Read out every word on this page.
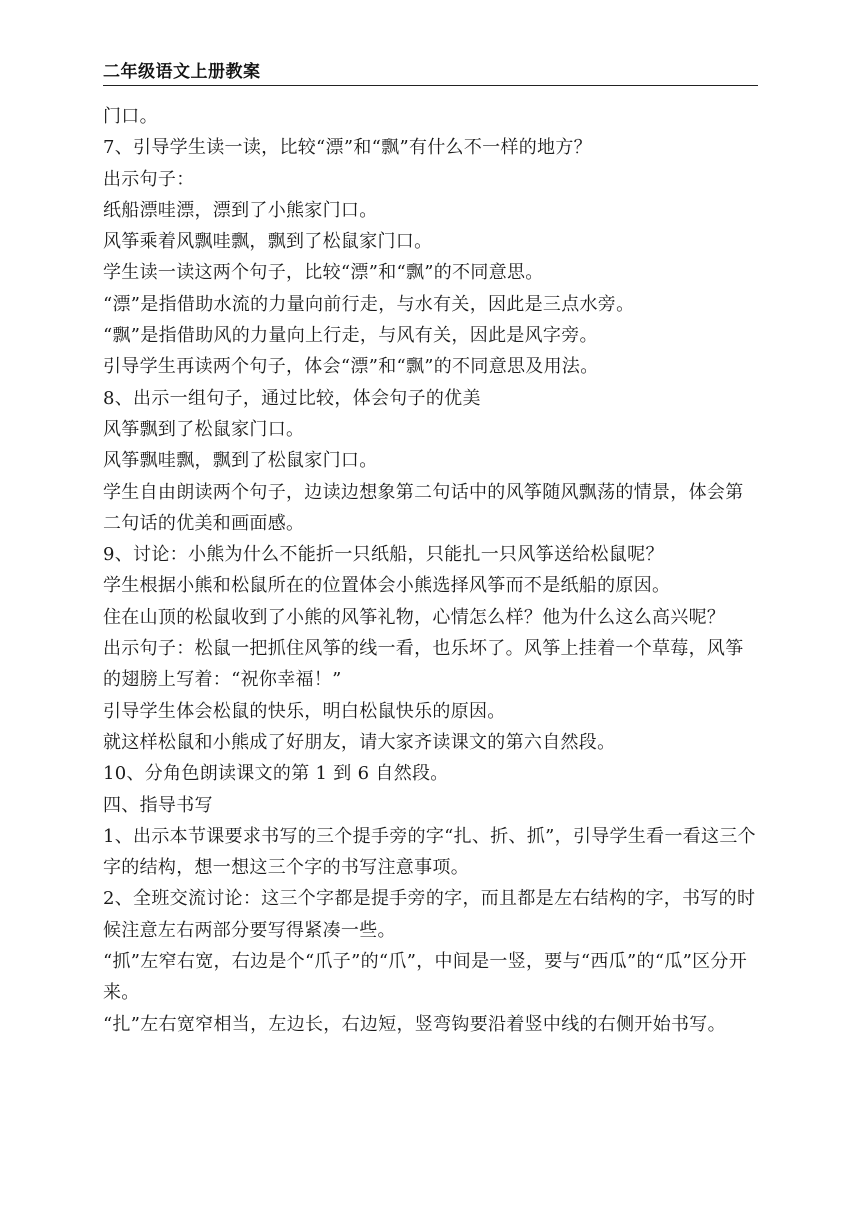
二年级语文上册教案

门口。

7、引导学生读一读，比较“漂”和“飘”有什么不一样的地方？

出示句子：

纸船漂哇漂，漂到了小熊家门口。

风筝乘着风飘哇飘，飘到了松鼠家门口。

学生读一读这两个句子，比较“漂”和“飘”的不同意思。

“漂”是指借助水流的力量向前行走，与水有关，因此是三点水旁。

“飘”是指借助风的力量向上行走，与风有关，因此是风字旁。

引导学生再读两个句子，体会“漂”和“飘”的不同意思及用法。

8、出示一组句子，通过比较，体会句子的优美

风筝飘到了松鼠家门口。

风筝飘哇飘，飘到了松鼠家门口。

学生自由朗读两个句子，边读边想象第二句话中的风筝随风飘荡的情景，体会第二句话的优美和画面感。

9、讨论：小熊为什么不能折一只纸船，只能扎一只风筝送给松鼠呢？

学生根据小熊和松鼠所在的位置体会小熊选择风筝而不是纸船的原因。

住在山顶的松鼠收到了小熊的风筝礼物，心情怎么样？他为什么这么高兴呢？

出示句子：松鼠一把抓住风筝的线一看，也乐坏了。风筝上挂着一个草莓，风筝的翅膀上写着：“祝你幸福！”

引导学生体会松鼠的快乐，明白松鼠快乐的原因。

就这样松鼠和小熊成了好朋友，请大家齐读课文的第六自然段。

10、分角色朗读课文的第 1 到 6 自然段。

四、指导书写

1、出示本节课要求书写的三个提手旁的字“扎、折、抓”，引导学生看一看这三个字的结构，想一想这三个字的书写注意事项。

2、全班交流讨论：这三个字都是提手旁的字，而且都是左右结构的字，书写的时候注意左右两部分要写得紧凑一些。

“抓”左窄右宽，右边是个“爪子”的“爪”，中间是一竖，要与“西瓜”的“瓜”区分开来。

“扎”左右宽窄相当，左边长，右边短，竖弯钩要沿着竖中线的右侧开始书写。
